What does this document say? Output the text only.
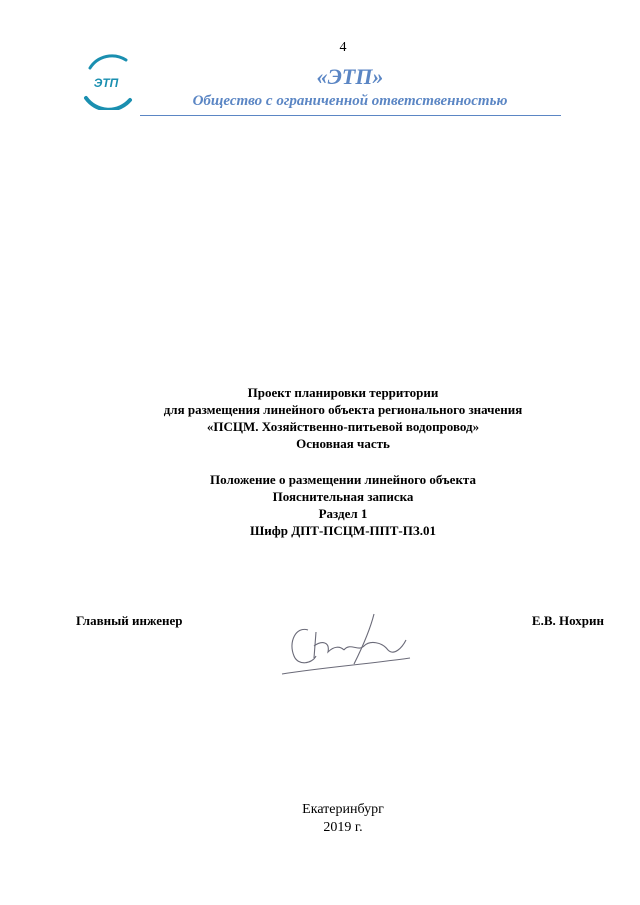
4
ЭТП	«ЭТП»
Общество с ограниченной ответственностью
Проект планировки территории
для размещения линейного объекта регионального значения
«ПСЦМ. Хозяйственно-питьевой водопровод»
Основная часть
Положение о размещении линейного объекта
Пояснительная записка
Раздел 1
Шифр ДПТ-ПСЦМ-ППТ-ПЗ.01
Главный инженер	Е.В. Нохрин
Екатеринбург
2019 г.
